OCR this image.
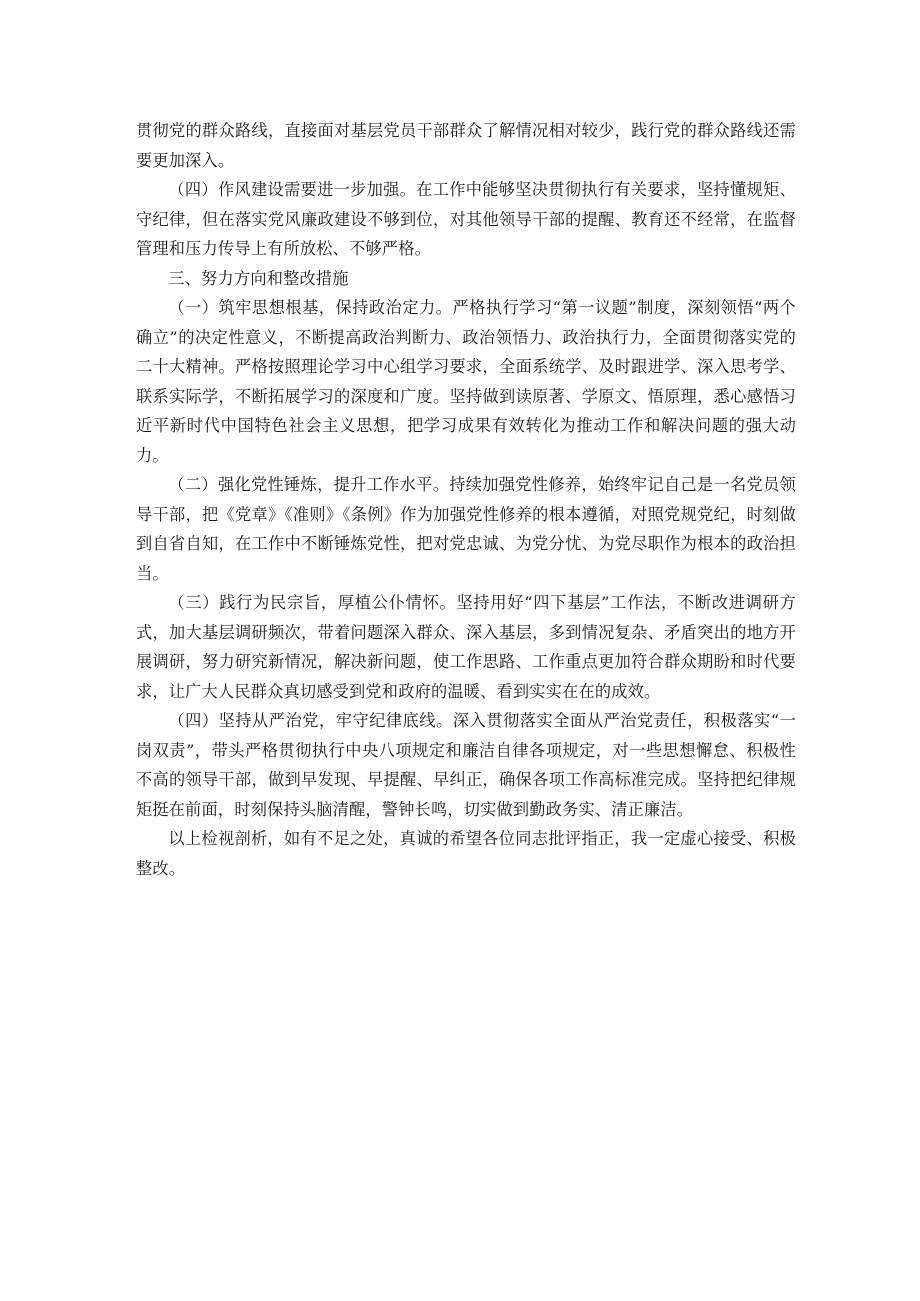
贯彻党的群众路线，直接面对基层党员干部群众了解情况相对较少，践行党的群众路线还需要更加深入。

（四）作风建设需要进一步加强。在工作中能够坚决贯彻执行有关要求，坚持懂规矩、守纪律，但在落实党风廉政建设不够到位，对其他领导干部的提醒、教育还不经常，在监督管理和压力传导上有所放松、不够严格。

三、努力方向和整改措施

（一）筑牢思想根基，保持政治定力。严格执行学习“第一议题”制度，深刻领悟“两个确立”的决定性意义，不断提高政治判断力、政治领悟力、政治执行力，全面贯彻落实党的二十大精神。严格按照理论学习中心组学习要求，全面系统学、及时跟进学、深入思考学、联系实际学，不断拓展学习的深度和广度。坚持做到读原著、学原文、悟原理，悉心感悟习近平新时代中国特色社会主义思想，把学习成果有效转化为推动工作和解决问题的强大动力。

（二）强化党性锤炼，提升工作水平。持续加强党性修养，始终牢记自己是一名党员领导干部，把《党章》《准则》《条例》作为加强党性修养的根本遵循，对照党规党纪，时刻做到自省自知，在工作中不断锤炼党性，把对党忠诚、为党分忧、为党尽职作为根本的政治担当。

（三）践行为民宗旨，厚植公仆情怀。坚持用好“四下基层”工作法，不断改进调研方式，加大基层调研频次，带着问题深入群众、深入基层，多到情况复杂、矛盾突出的地方开展调研，努力研究新情况，解决新问题，使工作思路、工作重点更加符合群众期盼和时代要求，让广大人民群众真切感受到党和政府的温暖、看到实实在在的成效。

（四）坚持从严治党，牢守纪律底线。深入贯彻落实全面从严治党责任，积极落实“一岗双责”，带头严格贯彻执行中央八项规定和廉洁自律各项规定，对一些思想懈怠、积极性不高的领导干部，做到早发现、早提醒、早纠正，确保各项工作高标准完成。坚持把纪律规矩挺在前面，时刻保持头脑清醒，警钟长鸣，切实做到勤政务实、清正廉洁。

以上检视剖析，如有不足之处，真诚的希望各位同志批评指正，我一定虚心接受、积极整改。
